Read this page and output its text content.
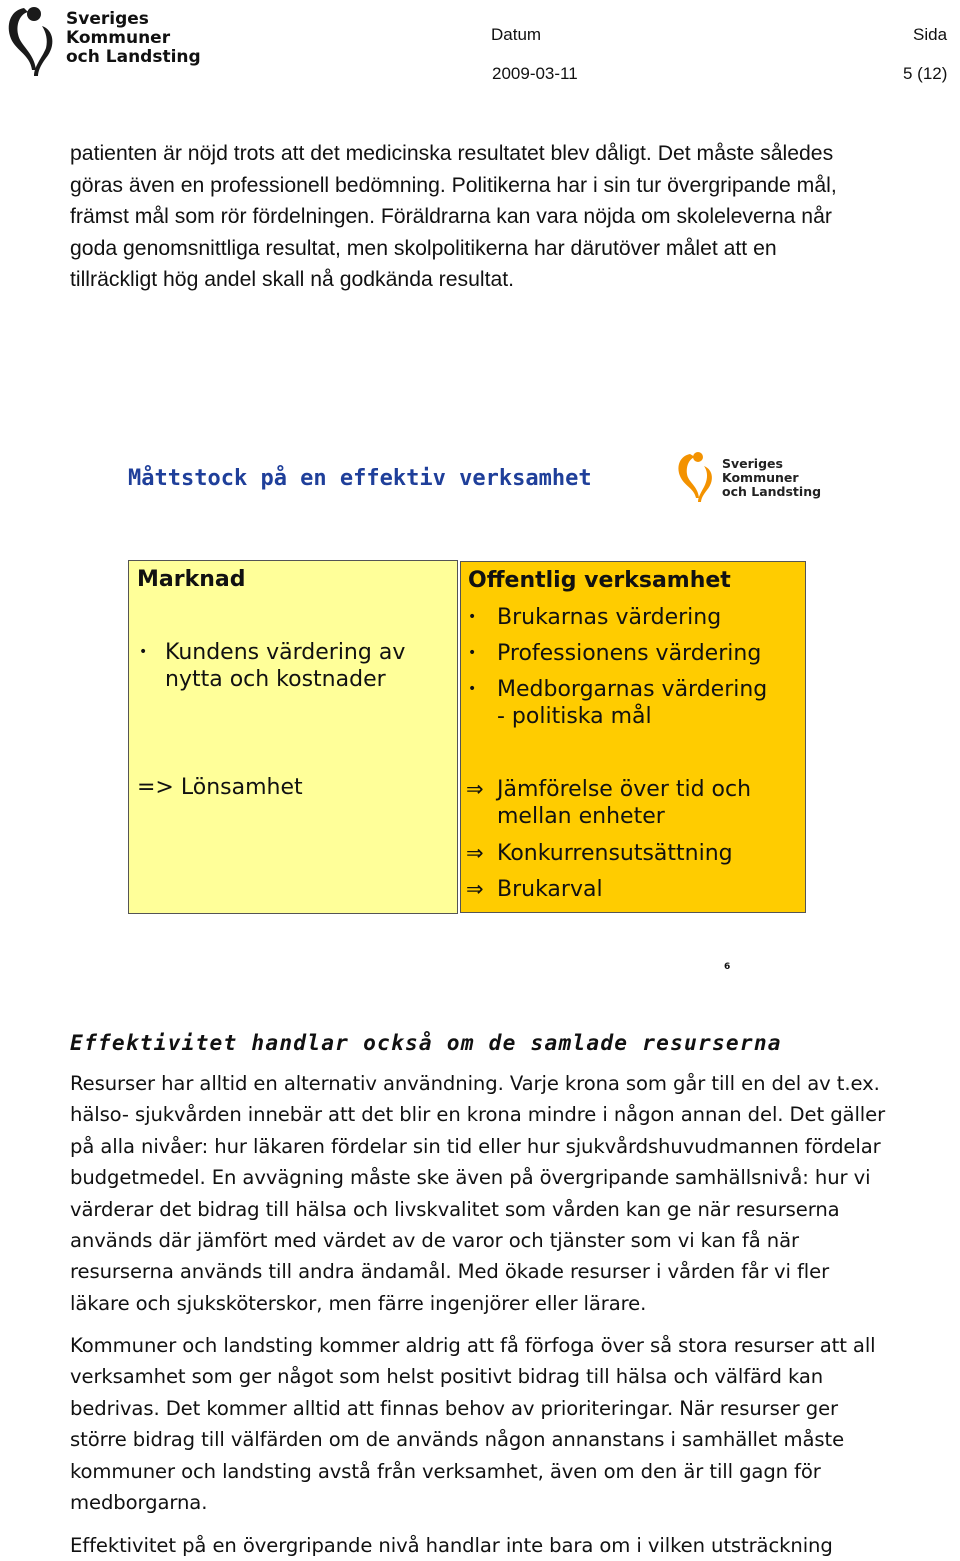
Sveriges
Kommuner
och Landsting
Datum
2009-03-11
Sida
5 (12)
patienten är nöjd trots att det medicinska resultatet blev dåligt. Det måste således
göras även en professionell bedömning. Politikerna har i sin tur övergripande mål,
främst mål som rör fördelningen. Föräldrarna kan vara nöjda om skoleleverna når
goda genomsnittliga resultat, men skolpolitikerna har därutöver målet att en
tillräckligt hög andel skall nå godkända resultat.
Måttstock på en effektiv verksamhet
Sveriges
Kommuner
och Landsting
Marknad
• Kundens värdering av
nytta och kostnader
=> Lönsamhet
Offentlig verksamhet
• Brukarnas värdering
• Professionens värdering
• Medborgarnas värdering
- politiska mål
⇒ Jämförelse över tid och
mellan enheter
⇒ Konkurrensutsättning
⇒ Brukarval
6
Effektivitet handlar också om de samlade resurserna
Resurser har alltid en alternativ användning. Varje krona som går till en del av t.ex.
hälso- sjukvården innebär att det blir en krona mindre i någon annan del. Det gäller
på alla nivåer: hur läkaren fördelar sin tid eller hur sjukvårdshuvudmannen fördelar
budgetmedel. En avvägning måste ske även på övergripande samhällsnivå: hur vi
värderar det bidrag till hälsa och livskvalitet som vården kan ge när resurserna
används där jämfört med värdet av de varor och tjänster som vi kan få när
resurserna används till andra ändamål. Med ökade resurser i vården får vi fler
läkare och sjuksköterskor, men färre ingenjörer eller lärare.
Kommuner och landsting kommer aldrig att få förfoga över så stora resurser att all
verksamhet som ger något som helst positivt bidrag till hälsa och välfärd kan
bedrivas. Det kommer alltid att finnas behov av prioriteringar. När resurser ger
större bidrag till välfärden om de används någon annanstans i samhället måste
kommuner och landsting avstå från verksamhet, även om den är till gagn för
medborgarna.
Effektivitet på en övergripande nivå handlar inte bara om i vilken utsträckning
